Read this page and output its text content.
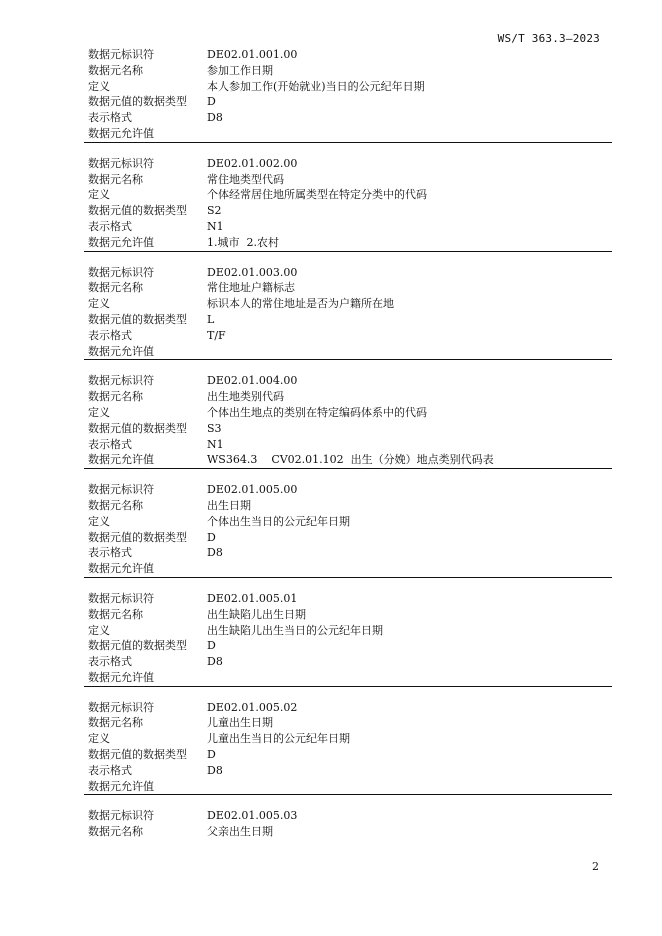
WS/T 363.3—2023
数据元标识符	DE02.01.001.00
数据元名称	参加工作日期
定义	本人参加工作(开始就业)当日的公元纪年日期
数据元值的数据类型 D
表示格式	D8
数据元允许值
数据元标识符	DE02.01.002.00
数据元名称	常住地类型代码
定义	个体经常居住地所属类型在特定分类中的代码
数据元值的数据类型 S2
表示格式	N1
数据元允许值	1.城市  2.农村
数据元标识符	DE02.01.003.00
数据元名称	常住地址户籍标志
定义	标识本人的常住地址是否为户籍所在地
数据元值的数据类型 L
表示格式	T/F
数据元允许值
数据元标识符	DE02.01.004.00
数据元名称	出生地类别代码
定义	个体出生地点的类别在特定编码体系中的代码
数据元值的数据类型 S3
表示格式	N1
数据元允许值	WS364.3    CV02.01.102  出生（分娩）地点类别代码表
数据元标识符	DE02.01.005.00
数据元名称	出生日期
定义	个体出生当日的公元纪年日期
数据元值的数据类型 D
表示格式	D8
数据元允许值
数据元标识符	DE02.01.005.01
数据元名称	出生缺陷儿出生日期
定义	出生缺陷儿出生当日的公元纪年日期
数据元值的数据类型 D
表示格式	D8
数据元允许值
数据元标识符	DE02.01.005.02
数据元名称	儿童出生日期
定义	儿童出生当日的公元纪年日期
数据元值的数据类型 D
表示格式	D8
数据元允许值
数据元标识符	DE02.01.005.03
数据元名称	父亲出生日期
2
